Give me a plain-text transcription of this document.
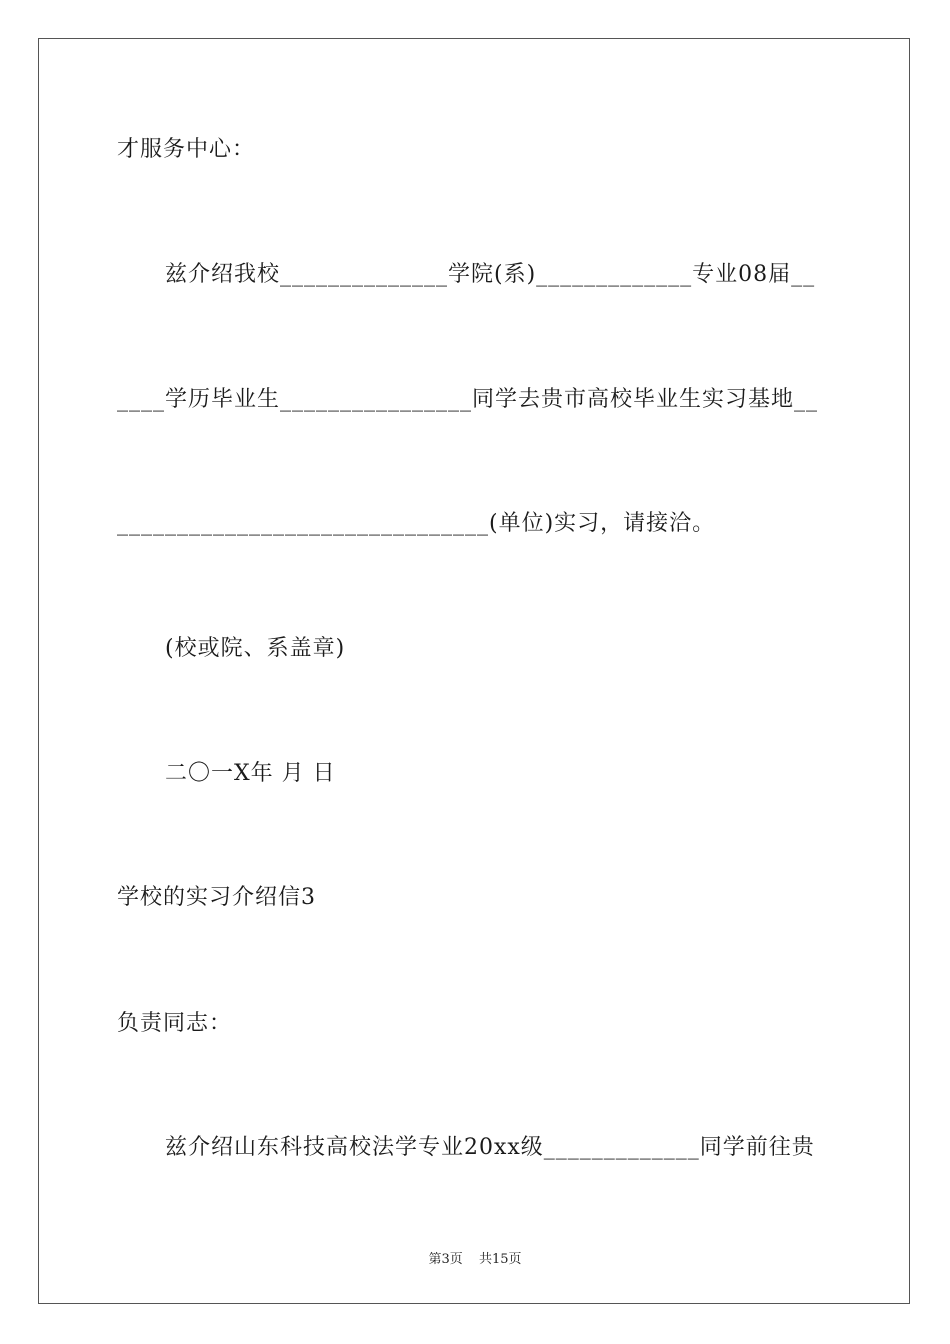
才服务中心：
兹介绍我校______________学院(系)_____________专业08届__
____学历毕业生________________同学去贵市高校毕业生实习基地__
_______________________________(单位)实习，请接洽。
(校或院、系盖章)
二〇一X年 月 日
学校的实习介绍信3
负责同志：
兹介绍山东科技高校法学专业20xx级_____________同学前往贵
第3页 共15页
